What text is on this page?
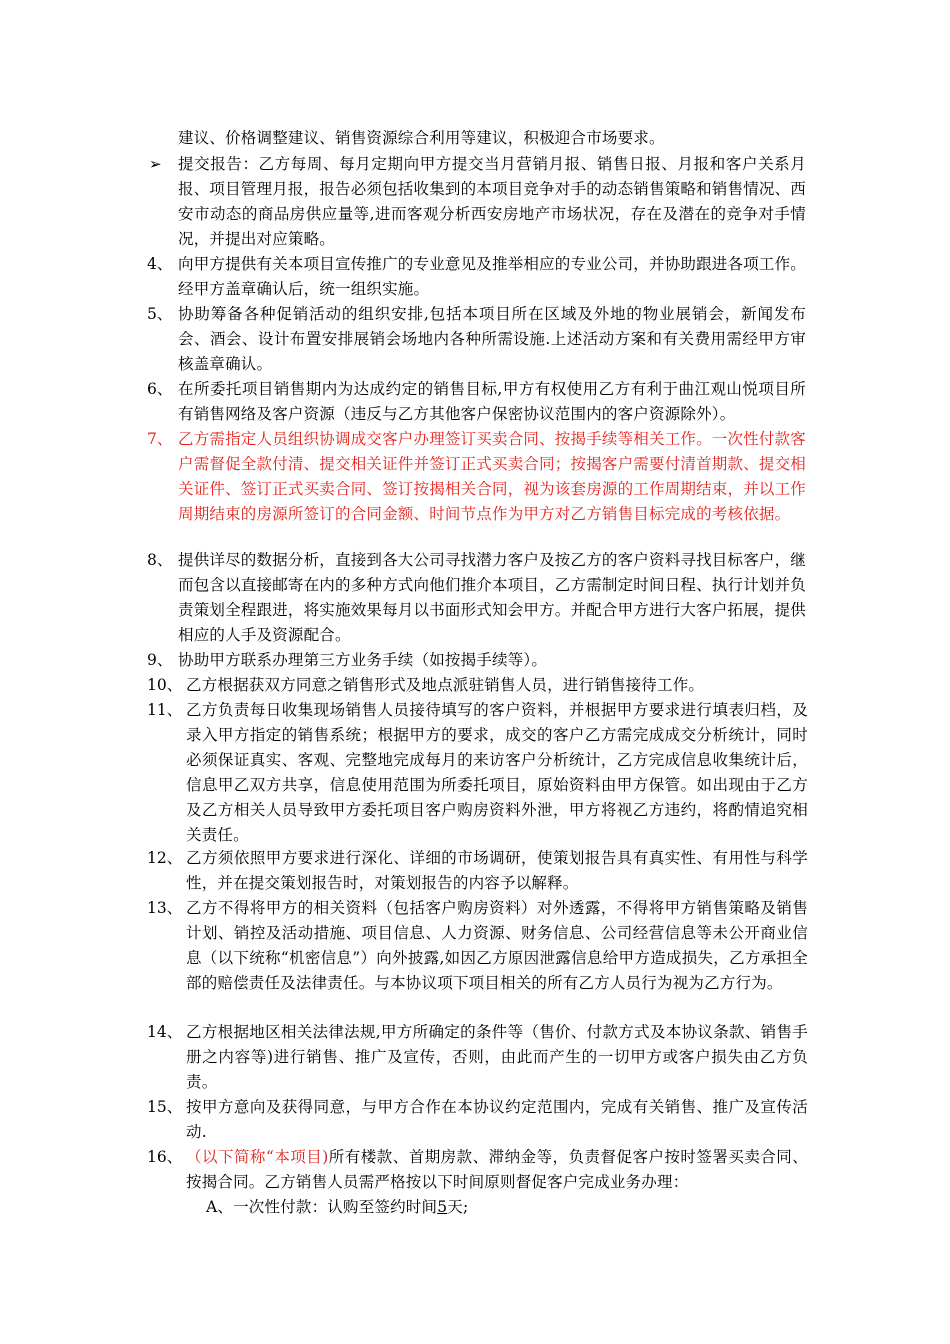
建议、价格调整建议、销售资源综合利用等建议，积极迎合市场要求。
➢ 提交报告：乙方每周、每月定期向甲方提交当月营销月报、销售日报、月报和客户关系月报、项目管理月报，报告必须包括收集到的本项目竞争对手的动态销售策略和销售情况、西安市动态的商品房供应量等,进而客观分析西安房地产市场状况，存在及潜在的竞争对手情况，并提出对应策略。
4、 向甲方提供有关本项目宣传推广的专业意见及推举相应的专业公司，并协助跟进各项工作。经甲方盖章确认后，统一组织实施。
5、 协助筹备各种促销活动的组织安排,包括本项目所在区域及外地的物业展销会，新闻发布会、酒会、设计布置安排展销会场地内各种所需设施.上述活动方案和有关费用需经甲方审核盖章确认。
6、 在所委托项目销售期内为达成约定的销售目标,甲方有权使用乙方有利于曲江观山悦项目所有销售网络及客户资源（违反与乙方其他客户保密协议范围内的客户资源除外）。
7、 乙方需指定人员组织协调成交客户办理签订买卖合同、按揭手续等相关工作。一次性付款客户需督促全款付清、提交相关证件并签订正式买卖合同；按揭客户需要付清首期款、提交相关证件、签订正式买卖合同、签订按揭相关合同，视为该套房源的工作周期结束，并以工作周期结束的房源所签订的合同金额、时间节点作为甲方对乙方销售目标完成的考核依据。
8、 提供详尽的数据分析，直接到各大公司寻找潜力客户及按乙方的客户资料寻找目标客户，继而包含以直接邮寄在内的多种方式向他们推介本项目，乙方需制定时间日程、执行计划并负责策划全程跟进，将实施效果每月以书面形式知会甲方。并配合甲方进行大客户拓展，提供相应的人手及资源配合。
9、 协助甲方联系办理第三方业务手续（如按揭手续等）。
10、 乙方根据获双方同意之销售形式及地点派驻销售人员，进行销售接待工作。
11、 乙方负责每日收集现场销售人员接待填写的客户资料，并根据甲方要求进行填表归档，及录入甲方指定的销售系统；根据甲方的要求，成交的客户乙方需完成成交分析统计，同时必须保证真实、客观、完整地完成每月的来访客户分析统计，乙方完成信息收集统计后，信息甲乙双方共享，信息使用范围为所委托项目，原始资料由甲方保管。如出现由于乙方及乙方相关人员导致甲方委托项目客户购房资料外泄，甲方将视乙方违约，将酌情追究相关责任。
12、 乙方须依照甲方要求进行深化、详细的市场调研，使策划报告具有真实性、有用性与科学性，并在提交策划报告时，对策划报告的内容予以解释。
13、 乙方不得将甲方的相关资料（包括客户购房资料）对外透露，不得将甲方销售策略及销售计划、销控及活动措施、项目信息、人力资源、财务信息、公司经营信息等未公开商业信息（以下统称“机密信息”）向外披露,如因乙方原因泄露信息给甲方造成损失，乙方承担全部的赔偿责任及法律责任。与本协议项下项目相关的所有乙方人员行为视为乙方行为。
14、 乙方根据地区相关法律法规,甲方所确定的条件等（售价、付款方式及本协议条款、销售手册之内容等)进行销售、推广及宣传，否则，由此而产生的一切甲方或客户损失由乙方负责。
15、 按甲方意向及获得同意，与甲方合作在本协议约定范围内，完成有关销售、推广及宣传活动.
16、 （以下简称“本项目)所有楼款、首期房款、滞纳金等，负责督促客户按时签署买卖合同、按揭合同。乙方销售人员需严格按以下时间原则督促客户完成业务办理：
A、一次性付款：认购至签约时间5天;
